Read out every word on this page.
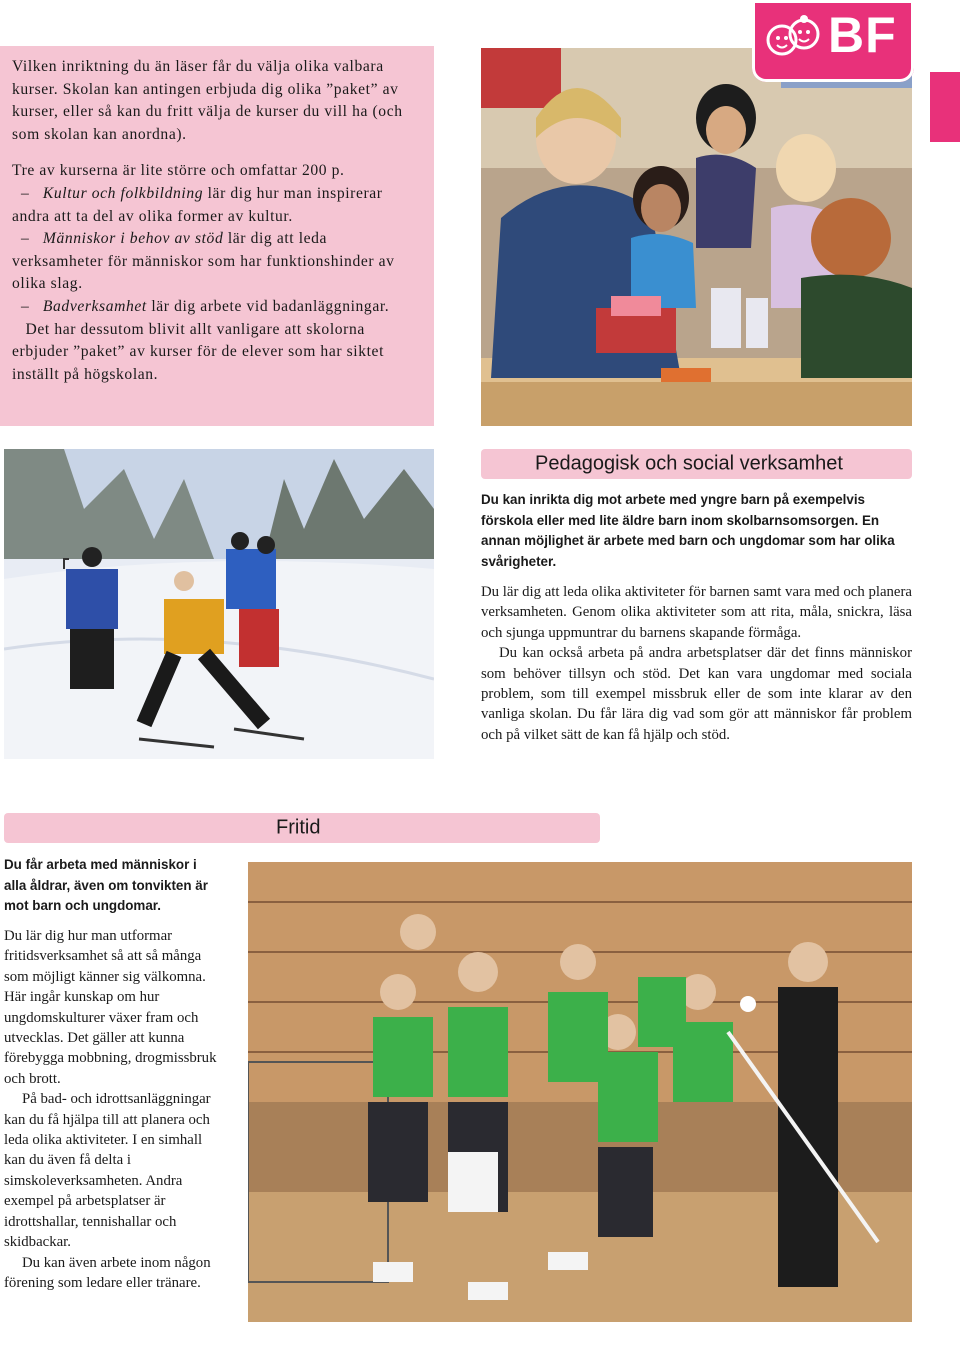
Vilken inriktning du än läser får du välja olika valbara kurser. Skolan kan antingen erbjuda dig olika ”paket” av kurser, eller så kan du fritt välja de kurser du vill ha (och som skolan kan anordna).

Tre av kurserna är lite större och omfattar 200 p.

– Kultur och folkbildning lär dig hur man inspirerar andra att ta del av olika former av kultur.

– Människor i behov av stöd lär dig att leda verksamheter för människor som har funktionshinder av olika slag.

– Badverksamhet lär dig arbete vid badanläggningar.

Det har dessutom blivit allt vanligare att skolorna erbjuder ”paket” av kurser för de elever som har siktet inställt på högskolan.

BF
Pedagogisk och social verksamhet

Du kan inrikta dig mot arbete med yngre barn på exempelvis förskola eller med lite äldre barn inom skolbarnsomsorgen. En annan möjlighet är arbete med barn och ungdomar som har olika svårigheter.

Du lär dig att leda olika aktiviteter för barnen samt vara med och planera verksamheten. Genom olika aktiviteter som att rita, måla, snickra, läsa och sjunga uppmuntrar du barnens skapande förmåga.

Du kan också arbeta på andra arbetsplatser där det finns människor som behöver tillsyn och stöd. Det kan vara ungdomar med sociala problem, som till exempel missbruk eller de som inte klarar av den vanliga skolan. Du får lära dig vad som gör att människor får problem och på vilket sätt de kan få hjälp och stöd.

Fritid

Du får arbeta med människor i alla åldrar, även om tonvikten är mot barn och ungdomar.

Du lär dig hur man utformar fritidsverksamhet så att så många som möjligt känner sig välkomna. Här ingår kunskap om hur ungdomskulturer växer fram och utvecklas. Det gäller att kunna förebygga mobbning, drogmissbruk och brott.

På bad- och idrottsanläggningar kan du få hjälpa till att planera och leda olika aktiviteter. I en simhall kan du även få delta i simskoleverksamheten. Andra exempel på arbetsplatser är idrottshallar, tennishallar och skidbackar.

Du kan även arbete inom någon förening som ledare eller tränare.
